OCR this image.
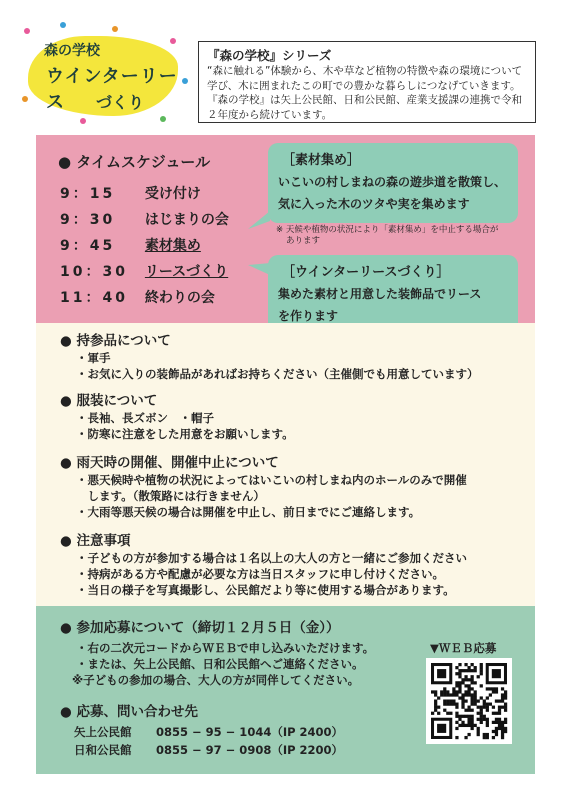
森の学校
ウインターリース	づくり
『森の学校』シリーズ
“森に触れる”体験から、木や草など植物の特徴や森の環境について学び、木に囲まれたこの町での豊かな暮らしにつなげていきます。『森の学校』は矢上公民館、日和公民館、産業支援課の連携で令和２年度から続けています。
● タイムスケジュール
9：15 受け付け
9：30 はじまりの会
9：45 素材集め
10：30 リースづくり
11：40 終わりの会
［素材集め］
いこいの村しまねの森の遊歩道を散策し、
気に入った木のツタや実を集めます
※ 天候や植物の状況により「素材集め」を中止する場合が
あります
［ウインターリースづくり］
集めた素材と用意した装飾品でリース
を作ります
● 持参品について
・軍手
・お気に入りの装飾品があればお持ちください（主催側でも用意しています）
● 服装について
・長袖、長ズボン　・帽子
・防寒に注意をした用意をお願いします。
● 雨天時の開催、開催中止について
・悪天候時や植物の状況によってはいこいの村しまね内のホールのみで開催
　します。（散策路には行きません）
・大雨等悪天候の場合は開催を中止し、前日までにご連絡します。
● 注意事項
・子どもの方が参加する場合は１名以上の大人の方と一緒にご参加ください
・持病がある方や配慮が必要な方は当日スタッフに申し付けください。
・当日の様子を写真撮影し、公民館だより等に使用する場合があります。
● 参加応募について（締切１２月５日（金））
・右の二次元コードからＷＥＢで申し込みいただけます。
・または、矢上公民館、日和公民館へご連絡ください。
※子どもの参加の場合、大人の方が同伴してください。
● 応募、問い合わせ先
矢上公民館 0855 − 95 − 1044（IP 2400）
日和公民館 0855 − 97 − 0908（IP 2200）
▼ＷＥＢ応募
